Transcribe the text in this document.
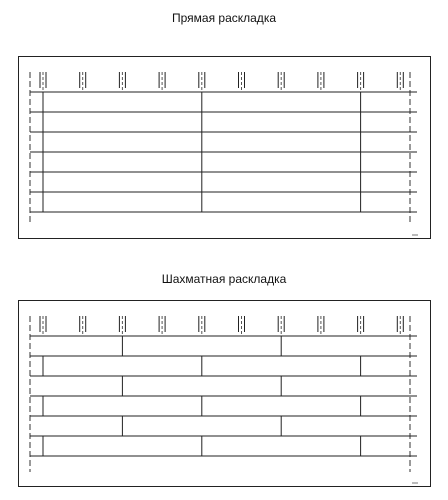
Прямая раскладка
Шахматная раскладка
